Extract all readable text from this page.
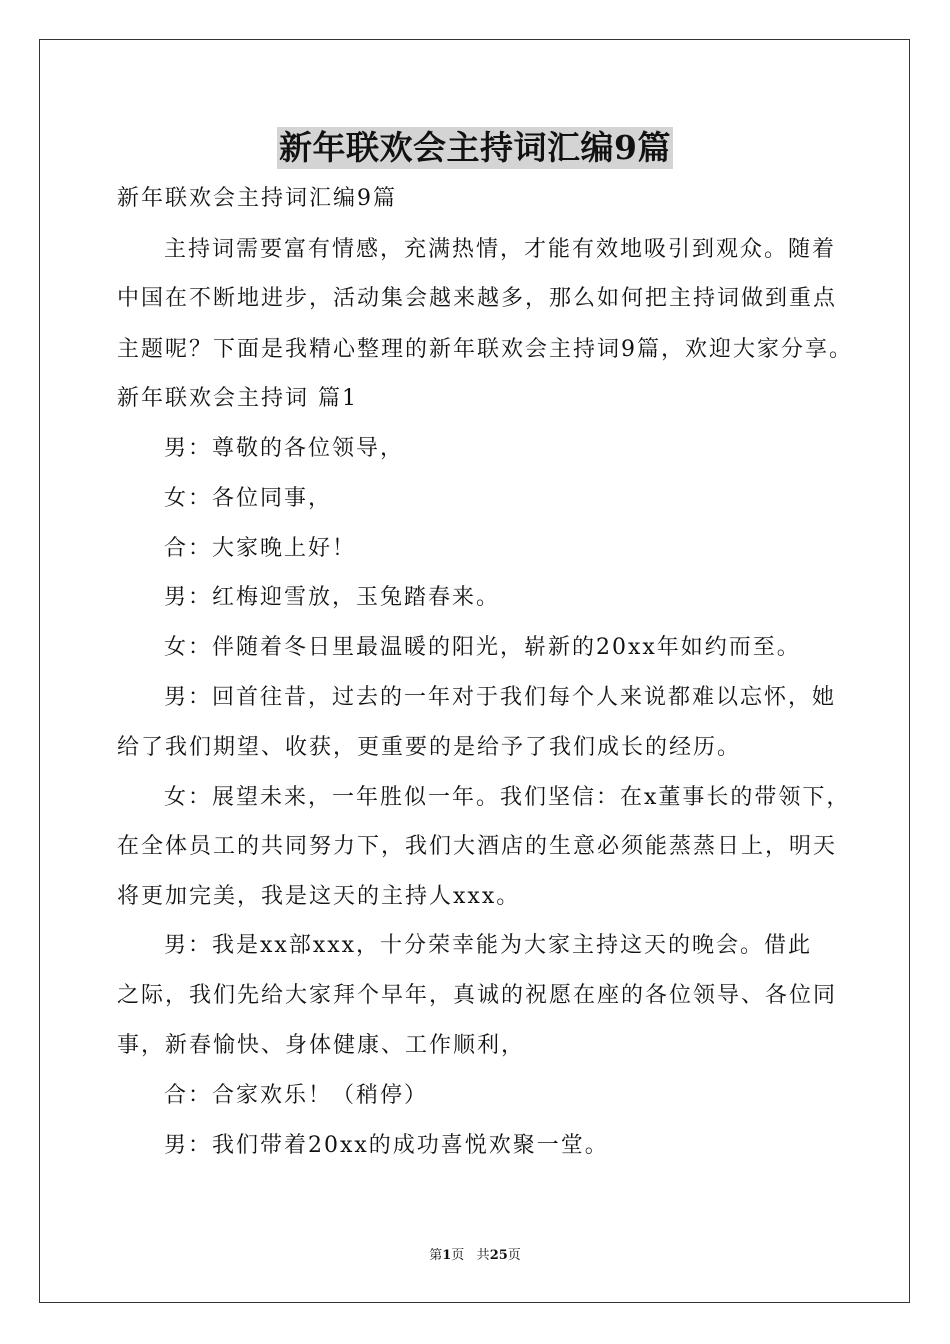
新年联欢会主持词汇编9篇
新年联欢会主持词汇编9篇
主持词需要富有情感，充满热情，才能有效地吸引到观众。随着
中国在不断地进步，活动集会越来越多，那么如何把主持词做到重点
主题呢？下面是我精心整理的新年联欢会主持词9篇，欢迎大家分享。
新年联欢会主持词 篇1
男：尊敬的各位领导，
女：各位同事，
合：大家晚上好！
男：红梅迎雪放，玉兔踏春来。
女：伴随着冬日里最温暖的阳光，崭新的20xx年如约而至。
男：回首往昔，过去的一年对于我们每个人来说都难以忘怀，她
给了我们期望、收获，更重要的是给予了我们成长的经历。
女：展望未来，一年胜似一年。我们坚信：在x董事长的带领下，
在全体员工的共同努力下，我们大酒店的生意必须能蒸蒸日上，明天
将更加完美，我是这天的主持人xxx。
男：我是xx部xxx，十分荣幸能为大家主持这天的晚会。借此
之际，我们先给大家拜个早年，真诚的祝愿在座的各位领导、各位同
事，新春愉快、身体健康、工作顺利，
合：合家欢乐！（稍停）
男：我们带着20xx的成功喜悦欢聚一堂。
第1页 共25页
